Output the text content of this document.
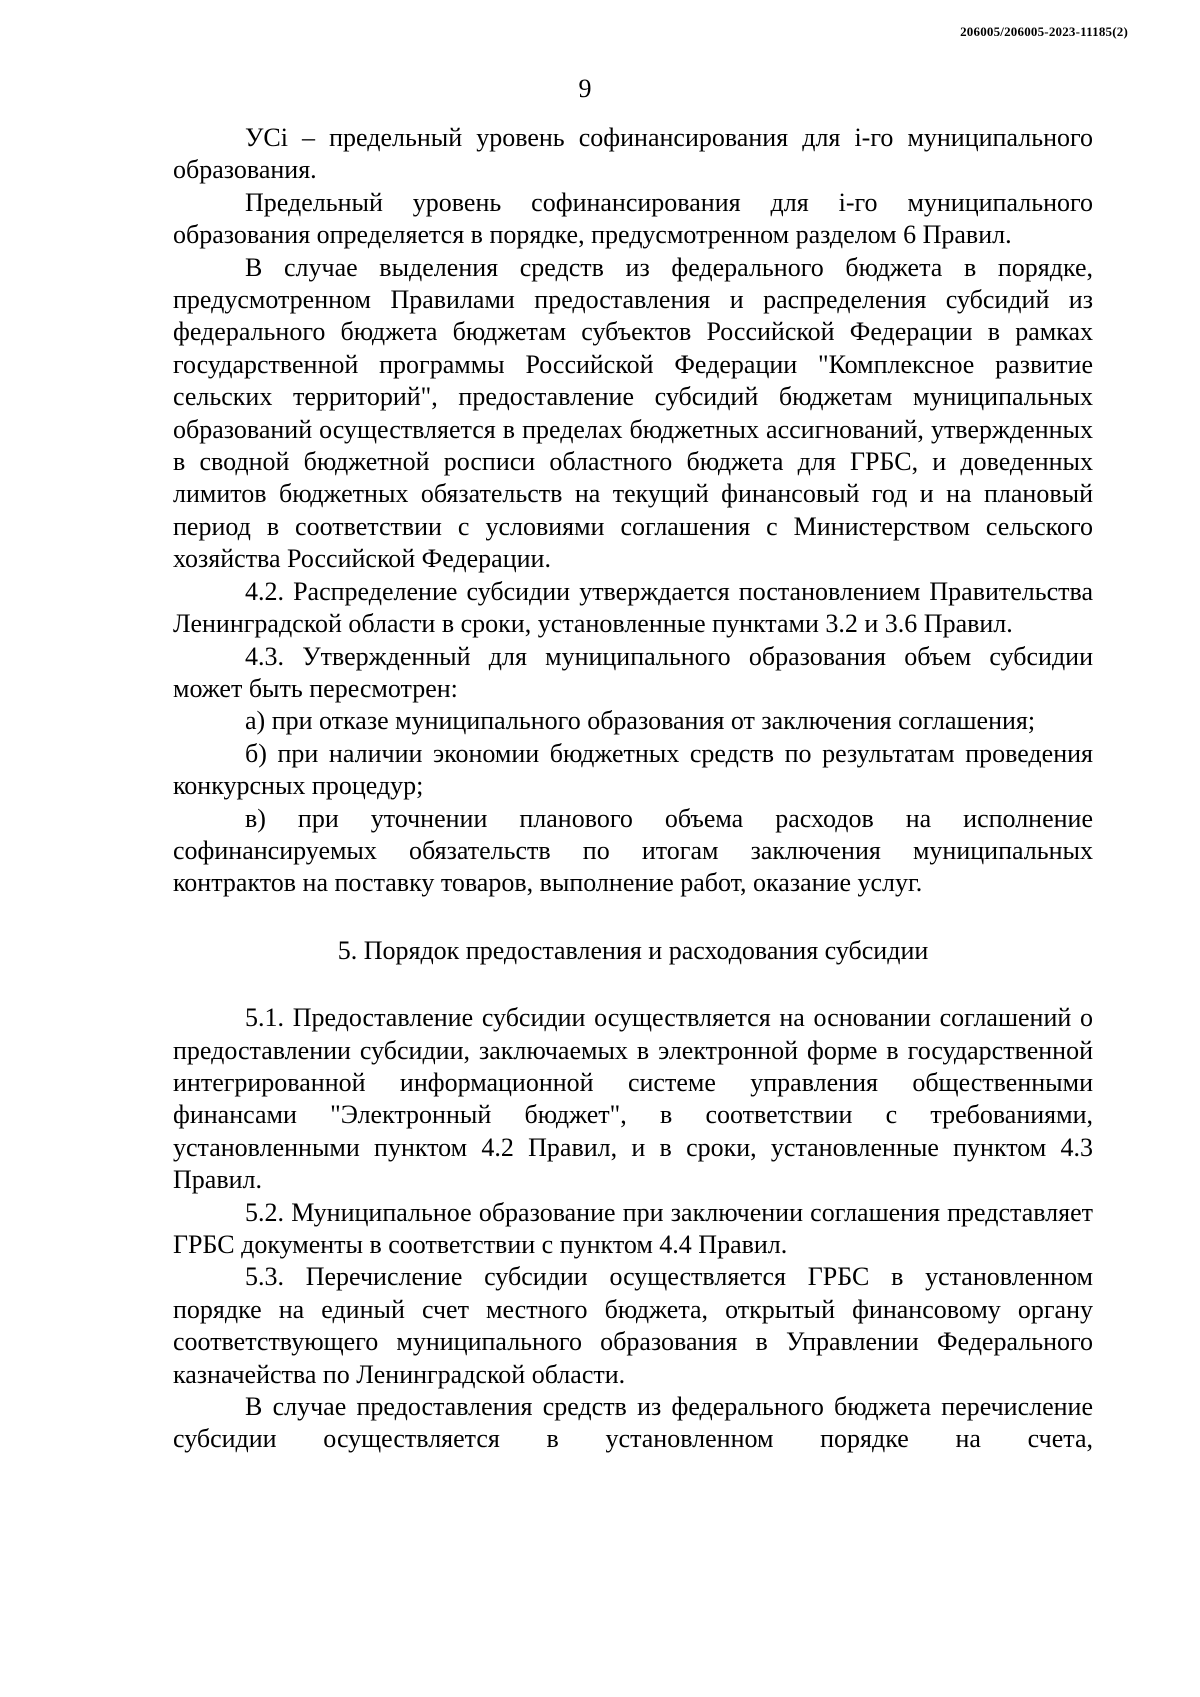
206005/206005-2023-11185(2)
9

УСi – предельный уровень софинансирования для i-го муниципального образования.

Предельный уровень софинансирования для i-го муниципального образования определяется в порядке, предусмотренном разделом 6 Правил.

В случае выделения средств из федерального бюджета в порядке, предусмотренном Правилами предоставления и распределения субсидий из федерального бюджета бюджетам субъектов Российской Федерации в рамках государственной программы Российской Федерации "Комплексное развитие сельских территорий", предоставление субсидий бюджетам муниципальных образований осуществляется в пределах бюджетных ассигнований, утвержденных в сводной бюджетной росписи областного бюджета для ГРБС, и доведенных лимитов бюджетных обязательств на текущий финансовый год и на плановый период в соответствии с условиями соглашения с Министерством сельского хозяйства Российской Федерации.

4.2. Распределение субсидии утверждается постановлением Правительства Ленинградской области в сроки, установленные пунктами 3.2 и 3.6 Правил.

4.3. Утвержденный для муниципального образования объем субсидии может быть пересмотрен:

а) при отказе муниципального образования от заключения соглашения;

б) при наличии экономии бюджетных средств по результатам проведения конкурсных процедур;

в) при уточнении планового объема расходов на исполнение софинансируемых обязательств по итогам заключения муниципальных контрактов на поставку товаров, выполнение работ, оказание услуг.

5. Порядок предоставления и расходования субсидии

5.1. Предоставление субсидии осуществляется на основании соглашений о предоставлении субсидии, заключаемых в электронной форме в государственной интегрированной информационной системе управления общественными финансами "Электронный бюджет", в соответствии с требованиями, установленными пунктом 4.2 Правил, и в сроки, установленные пунктом 4.3 Правил.

5.2. Муниципальное образование при заключении соглашения представляет ГРБС документы в соответствии с пунктом 4.4 Правил.

5.3. Перечисление субсидии осуществляется ГРБС в установленном порядке на единый счет местного бюджета, открытый финансовому органу соответствующего муниципального образования в Управлении Федерального казначейства по Ленинградской области.

В случае предоставления средств из федерального бюджета перечисление субсидии осуществляется в установленном порядке на счета,
